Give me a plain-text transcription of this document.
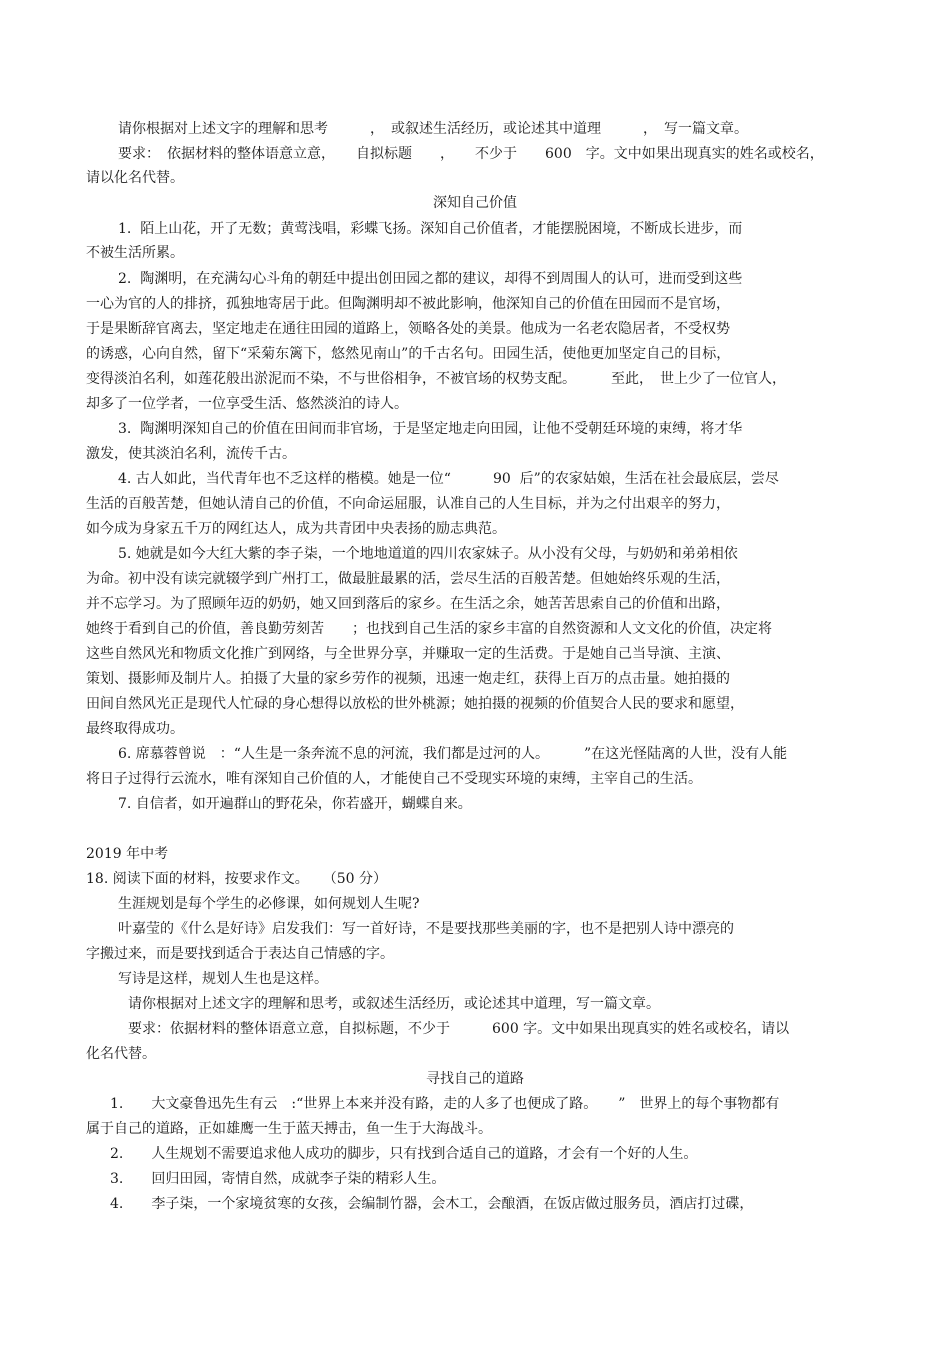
请你根据对上述文字的理解和思考　　　，　或叙述生活经历，或论述其中道理　　　，　写一篇文章。
要求：　依据材料的整体语意立意，　　自拟标题　　，　　不少于　　600　字。文中如果出现真实的姓名或校名，
请以化名代替。
深知自己价值
1.  陌上山花，开了无数；黄莺浅唱，彩蝶飞扬。深知自己价值者，才能摆脱困境，不断成长进步，而
不被生活所累。
2.  陶渊明，在充满勾心斗角的朝廷中提出创田园之都的建议，却得不到周围人的认可，进而受到这些
一心为官的人的排挤，孤独地寄居于此。但陶渊明却不被此影响，他深知自己的价值在田园而不是官场，
于是果断辞官离去，坚定地走在通往田园的道路上，领略各处的美景。他成为一名老农隐居者，不受权势
的诱惑，心向自然，留下“采菊东篱下，悠然见南山”的千古名句。田园生活，使他更加坚定自己的目标，
变得淡泊名利，如莲花般出淤泥而不染，不与世俗相争，不被官场的权势支配。　　　至此，　世上少了一位官人，
却多了一位学者，一位享受生活、悠然淡泊的诗人。
3.  陶渊明深知自己的价值在田间而非官场，于是坚定地走向田园，让他不受朝廷环境的束缚，将才华
激发，使其淡泊名利，流传千古。
4. 古人如此，当代青年也不乏这样的楷模。她是一位“　　　90  后”的农家姑娘，生活在社会最底层，尝尽
生活的百般苦楚，但她认清自己的价值，不向命运屈服，认准自己的人生目标，并为之付出艰辛的努力，
如今成为身家五千万的网红达人，成为共青团中央表扬的励志典范。
5. 她就是如今大红大紫的李子柒，一个地地道道的四川农家妹子。从小没有父母，与奶奶和弟弟相依
为命。初中没有读完就辍学到广州打工，做最脏最累的活，尝尽生活的百般苦楚。但她始终乐观的生活，
并不忘学习。为了照顾年迈的奶奶，她又回到落后的家乡。在生活之余，她苦苦思索自己的价值和出路，
她终于看到自己的价值，善良勤劳刻苦　　；也找到自己生活的家乡丰富的自然资源和人文文化的价值，决定将
这些自然风光和物质文化推广到网络，与全世界分享，并赚取一定的生活费。于是她自己当导演、主演、
策划、摄影师及制片人。拍摄了大量的家乡劳作的视频，迅速一炮走红，获得上百万的点击量。她拍摄的
田间自然风光正是现代人忙碌的身心想得以放松的世外桃源；她拍摄的视频的价值契合人民的要求和愿望，
最终取得成功。
6. 席慕蓉曾说　：“人生是一条奔流不息的河流，我们都是过河的人。　　　”在这光怪陆离的人世，没有人能
将日子过得行云流水，唯有深知自己价值的人，才能使自己不受现实环境的束缚，主宰自己的生活。
7. 自信者，如开遍群山的野花朵，你若盛开，蝴蝶自来。
2019 年中考
18. 阅读下面的材料，按要求作文。　　（50 分）
生涯规划是每个学生的必修课，如何规划人生呢?
叶嘉莹的《什么是好诗》启发我们：写一首好诗，不是要找那些美丽的字，也不是把别人诗中漂亮的
字搬过来，而是要找到适合于表达自己情感的字。
写诗是这样，规划人生也是这样。
请你根据对上述文字的理解和思考，或叙述生活经历，或论述其中道理，写一篇文章。
要求：依据材料的整体语意立意，自拟标题，不少于　　　600 字。文中如果出现真实的姓名或校名，请以
化名代替。
寻找自己的道路
1.　　大文豪鲁迅先生有云　:“世界上本来并没有路，走的人多了也便成了路。　　”　世界上的每个事物都有
属于自己的道路，正如雄鹰一生于蓝天搏击，鱼一生于大海战斗。
2.　　人生规划不需要追求他人成功的脚步，只有找到合适自己的道路，才会有一个好的人生。
3.　　回归田园，寄情自然，成就李子柒的精彩人生。
4.　　李子柒，一个家境贫寒的女孩，会编制竹器，会木工，会酿酒，在饭店做过服务员，酒店打过碟，
